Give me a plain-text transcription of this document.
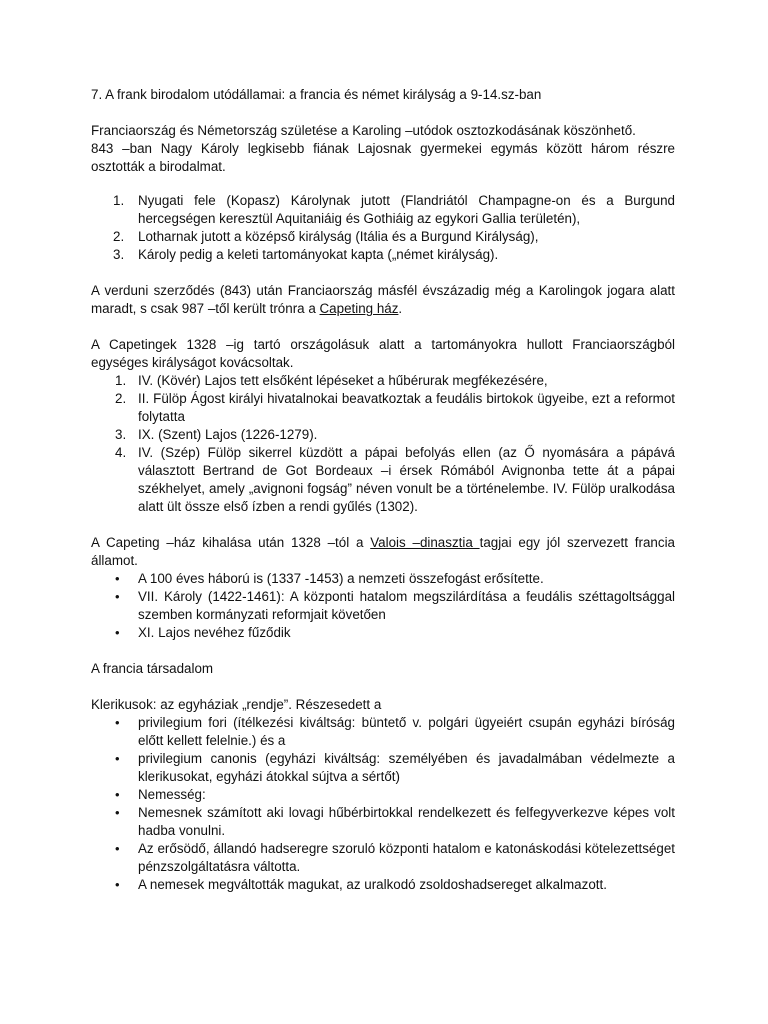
7. A frank birodalom utódállamai: a francia és német királyság a 9-14.sz-ban

Franciaország és Németország születése a Karoling –utódok osztozkodásának köszönhető.

843 –ban Nagy Károly legkisebb fiának Lajosnak gyermekei egymás között három részre osztották a birodalmat.

1. Nyugati fele (Kopasz) Károlynak jutott (Flandriától Champagne-on és a Burgund hercegségen keresztül Aquitaniáig és Gothiáig az egykori Gallia területén),
2. Lotharnak jutott a középső királyság (Itália és a Burgund Királyság),
3. Károly pedig a keleti tartományokat kapta („német királyság).

A verduni szerződés (843) után Franciaország másfél évszázadig még a Karolingok jogara alatt maradt, s csak 987 –től került trónra a Capeting ház.

A Capetingek 1328 –ig tartó országolásuk alatt a tartományokra hullott Franciaországból egységes királyságot kovácsoltak.

1. IV. (Kövér) Lajos tett elsőként lépéseket a hűbérurak megfékezésére,
2. II. Fülöp Ágost királyi hivatalnokai beavatkoztak a feudális birtokok ügyeibe, ezt a reformot folytatta
3. IX. (Szent) Lajos (1226-1279).
4. IV. (Szép) Fülöp sikerrel küzdött a pápai befolyás ellen (az Ő nyomására a pápává választott Bertrand de Got Bordeaux –i érsek Rómából Avignonba tette át a pápai székhelyet, amely „avignoni fogság” néven vonult be a történelembe. IV. Fülöp uralkodása alatt ült össze első ízben a rendi gyűlés (1302).

A Capeting –ház kihalása után 1328 –tól a Valois –dinasztia tagjai egy jól szervezett francia államot.

• A 100 éves háború is (1337 -1453) a nemzeti összefogást erősítette.
• VII. Károly (1422-1461): A központi hatalom megszilárdítása a feudális széttagoltsággal szemben kormányzati reformjait követően
• XI. Lajos nevéhez fűződik

A francia társadalom

Klerikusok: az egyháziak „rendje”. Részesedett a

• privilegium fori (ítélkezési kiváltság: büntető v. polgári ügyeiért csupán egyházi bíróság előtt kellett felelnie.) és a
• privilegium canonis (egyházi kiváltság: személyében és javadalmában védelmezte a klerikusokat, egyházi átokkal sújtva a sértőt)
• Nemesség:
• Nemesnek számított aki lovagi hűbérbirtokkal rendelkezett és felfegyverkezve képes volt hadba vonulni.
• Az erősödő, állandó hadseregre szoruló központi hatalom e katonáskodási kötelezettséget pénzszolgáltatásra váltotta.
• A nemesek megváltották magukat, az uralkodó zsoldoshadsereget alkalmazott.
